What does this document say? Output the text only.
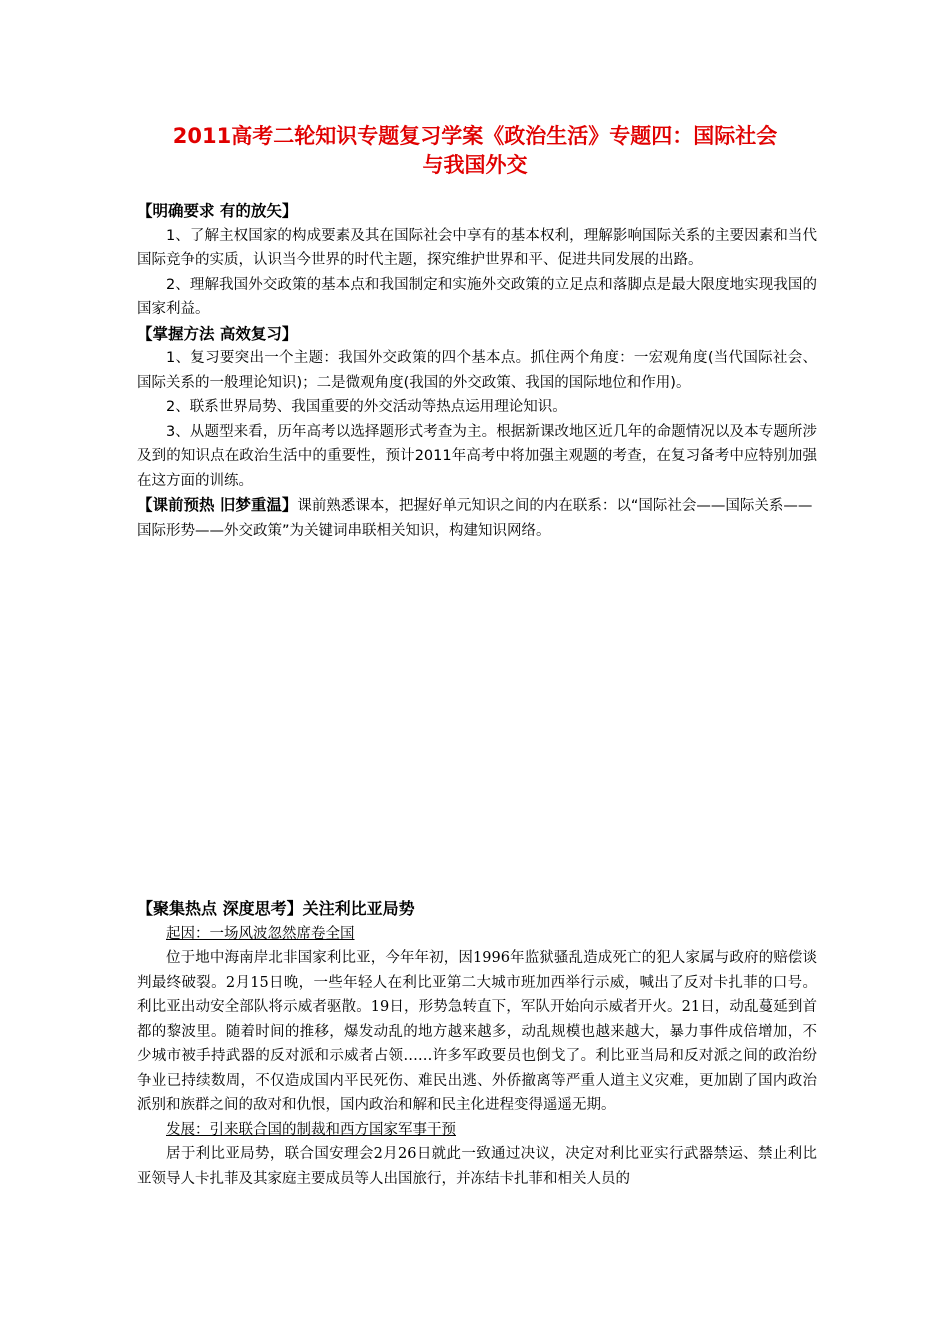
2011高考二轮知识专题复习学案《政治生活》专题四：国际社会
与我国外交

【明确要求 有的放矢】

1、了解主权国家的构成要素及其在国际社会中享有的基本权利，理解影响国际关系的主要因素和当代国际竞争的实质，认识当今世界的时代主题，探究维护世界和平、促进共同发展的出路。

2、理解我国外交政策的基本点和我国制定和实施外交政策的立足点和落脚点是最大限度地实现我国的国家利益。

【掌握方法 高效复习】

1、复习要突出一个主题：我国外交政策的四个基本点。抓住两个角度：一宏观角度(当代国际社会、国际关系的一般理论知识)；二是微观角度(我国的外交政策、我国的国际地位和作用)。

2、联系世界局势、我国重要的外交活动等热点运用理论知识。

3、从题型来看，历年高考以选择题形式考查为主。根据新课改地区近几年的命题情况以及本专题所涉及到的知识点在政治生活中的重要性，预计2011年高考中将加强主观题的考查，在复习备考中应特别加强在这方面的训练。

【课前预热 旧梦重温】课前熟悉课本，把握好单元知识之间的内在联系：以“国际社会——国际关系——国际形势——外交政策”为关键词串联相关知识，构建知识网络。

【聚集热点 深度思考】关注利比亚局势

起因：一场风波忽然席卷全国

位于地中海南岸北非国家利比亚，今年年初，因1996年监狱骚乱造成死亡的犯人家属与政府的赔偿谈判最终破裂。2月15日晚，一些年轻人在利比亚第二大城市班加西举行示威，喊出了反对卡扎菲的口号。利比亚出动安全部队将示威者驱散。19日，形势急转直下，军队开始向示威者开火。21日，动乱蔓延到首都的黎波里。随着时间的推移，爆发动乱的地方越来越多，动乱规模也越来越大，暴力事件成倍增加，不少城市被手持武器的反对派和示威者占领……许多军政要员也倒戈了。利比亚当局和反对派之间的政治纷争业已持续数周，不仅造成国内平民死伤、难民出逃、外侨撤离等严重人道主义灾难，更加剧了国内政治派别和族群之间的敌对和仇恨，国内政治和解和民主化进程变得遥遥无期。

发展：引来联合国的制裁和西方国家军事干预

居于利比亚局势，联合国安理会2月26日就此一致通过决议，决定对利比亚实行武器禁运、禁止利比亚领导人卡扎菲及其家庭主要成员等人出国旅行，并冻结卡扎菲和相关人员的
